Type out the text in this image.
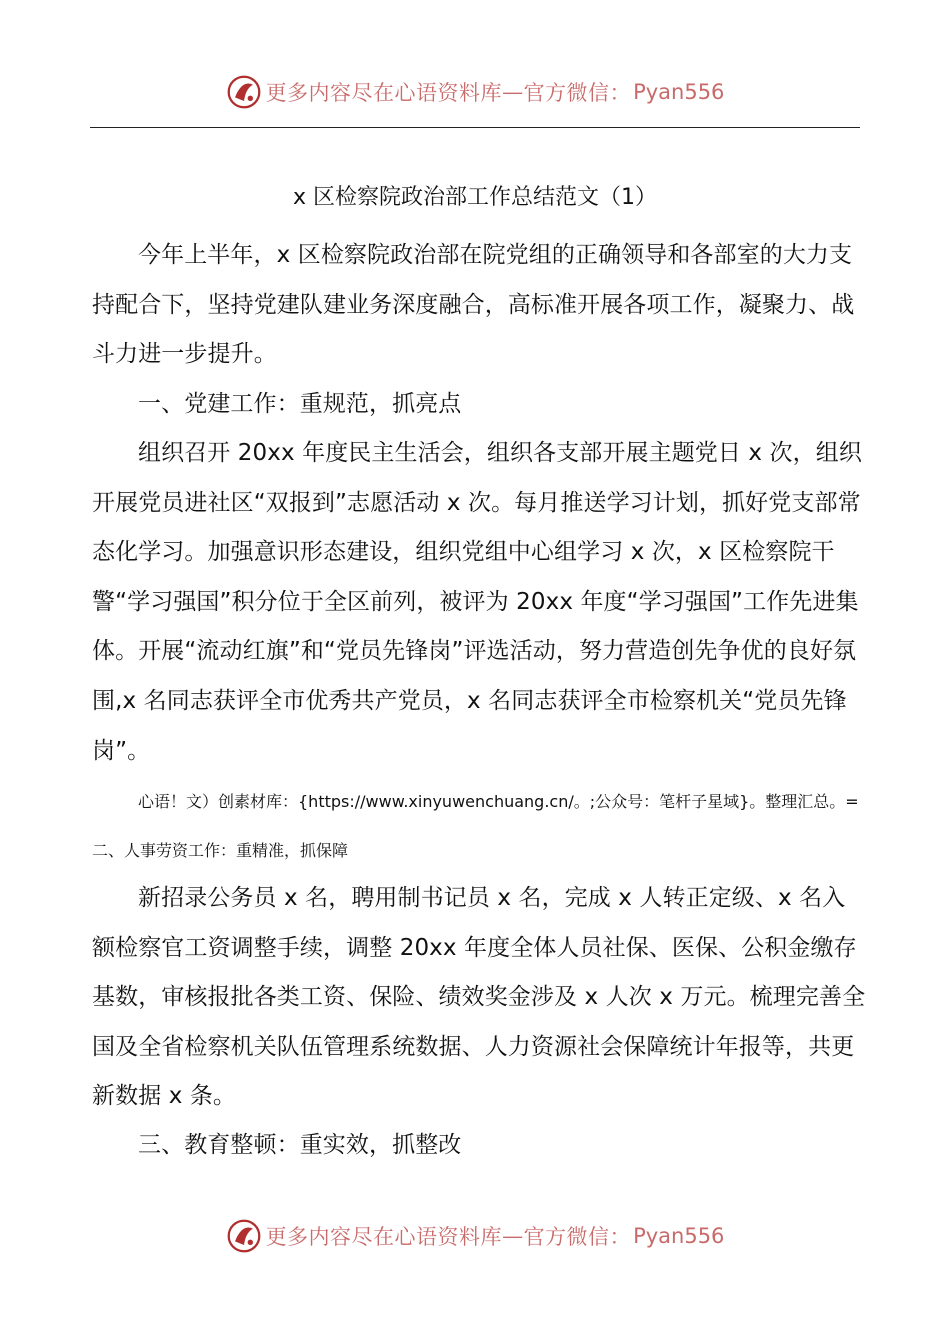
更多内容尽在心语资料库 — 官方微信： Pyan556
x 区检察院政治部工作总结范文（1）

今年上半年，x 区检察院政治部在院党组的正确领导和各部室的大力支持配合下，坚持党建队建业务深度融合，高标准开展各项工作，凝聚力、战斗力进一步提升。

一、党建工作：重规范，抓亮点

组织召开 20xx 年度民主生活会，组织各支部开展主题党日 x 次，组织开展党员进社区“双报到”志愿活动 x 次。每月推送学习计划，抓好党支部常态化学习。加强意识形态建设，组织党组中心组学习 x 次，x 区检察院干警“学习强国”积分位于全区前列，被评为 20xx 年度“学习强国”工作先进集体。开展“流动红旗”和“党员先锋岗”评选活动，努力营造创先争优的良好氛围,x 名同志获评全市优秀共产党员，x 名同志获评全市检察机关“党员先锋岗”。

心语！文）创素材库：{https://www.xinyuwenchuang.cn/。;公众号：笔杆子星域}。整理汇总。=二、人事劳资工作：重精准，抓保障

新招录公务员 x 名，聘用制书记员 x 名，完成 x 人转正定级、x 名入额检察官工资调整手续，调整 20xx 年度全体人员社保、医保、公积金缴存基数，审核报批各类工资、保险、绩效奖金涉及 x 人次 x 万元。梳理完善全国及全省检察机关队伍管理系统数据、人力资源社会保障统计年报等，共更新数据 x 条。

三、教育整顿：重实效，抓整改

更多内容尽在心语资料库 — 官方微信： Pyan556
